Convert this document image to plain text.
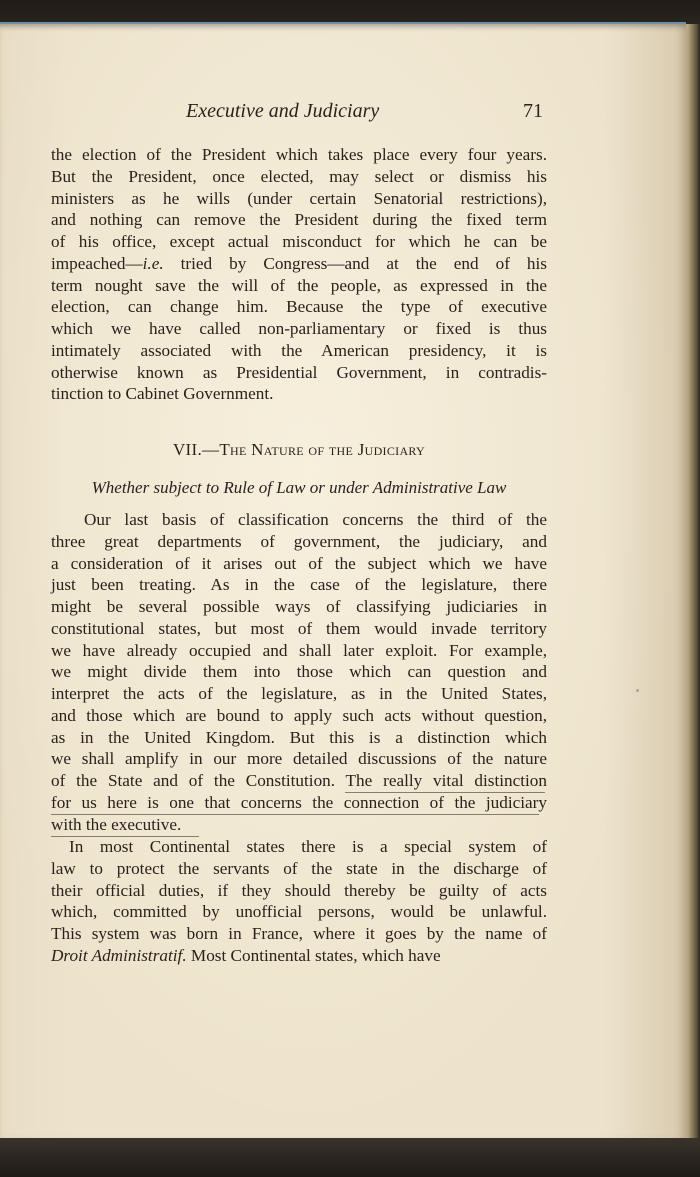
Executive and Judiciary	71
the election of the President which takes place every four years.
But the President, once elected, may select or dismiss his
ministers as he wills (under certain Senatorial restrictions),
and nothing can remove the President during the fixed term
of his office, except actual misconduct for which he can be
impeached—i.e. tried by Congress—and at the end of his
term nought save the will of the people, as expressed in the
election, can change him. Because the type of executive
which we have called non-parliamentary or fixed is thus
intimately associated with the American presidency, it is
otherwise known as Presidential Government, in contradis-
tinction to Cabinet Government.
VII.—The Nature of the Judiciary
Whether subject to Rule of Law or under Administrative Law
Our last basis of classification concerns the third of the
three great departments of government, the judiciary, and
a consideration of it arises out of the subject which we have
just been treating. As in the case of the legislature, there
might be several possible ways of classifying judiciaries in
constitutional states, but most of them would invade territory
we have already occupied and shall later exploit. For example,
we might divide them into those which can question and
interpret the acts of the legislature, as in the United States,
and those which are bound to apply such acts without question,
as in the United Kingdom. But this is a distinction which
we shall amplify in our more detailed discussions of the nature
of the State and of the Constitution. The really vital distinction
for us here is one that concerns the connection of the judiciary
with the executive.
In most Continental states there is a special system of
law to protect the servants of the state in the discharge of
their official duties, if they should thereby be guilty of acts
which, committed by unofficial persons, would be unlawful.
This system was born in France, where it goes by the name of
Droit Administratif. Most Continental states, which have
